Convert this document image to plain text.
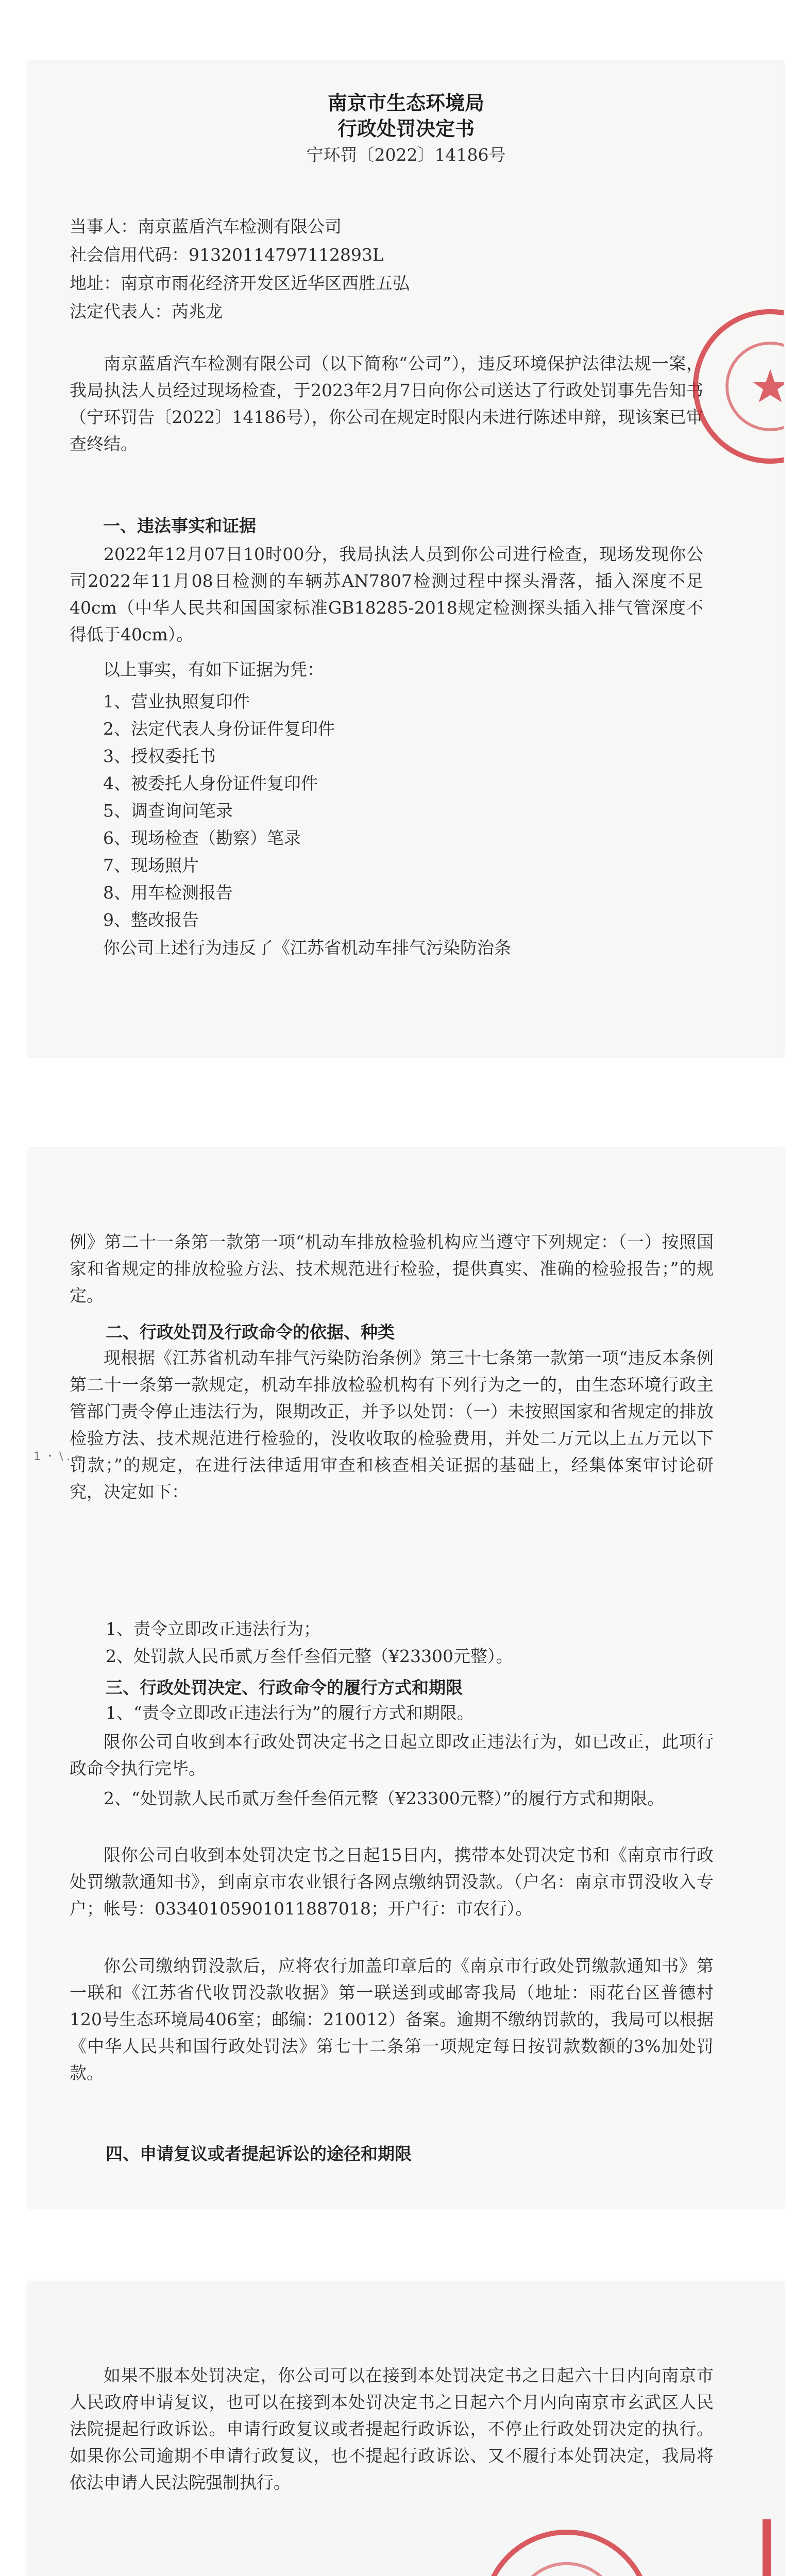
南京市生态环境局
行政处罚决定书
宁环罚〔2022〕14186号
当事人：南京蓝盾汽车检测有限公司
社会信用代码：91320114797112893L
地址：南京市雨花经济开发区近华区西胜五弘
法定代表人：芮兆龙
南京蓝盾汽车检测有限公司（以下简称“公司”），违反环境保护法律法规一案，我局执法人员经过现场检查，于2023年2月7日向你公司送达了行政处罚事先告知书（宁环罚告〔2022〕14186号），你公司在规定时限内未进行陈述申辩，现该案已审查终结。
一、违法事实和证据
2022年12月07日10时00分，我局执法人员到你公司进行检查，现场发现你公司2022年11月08日检测的车辆苏AN7807检测过程中探头滑落，插入深度不足40cm（中华人民共和国国家标准GB18285-2018规定检测探头插入排气管深度不得低于40cm）。
以上事实，有如下证据为凭：
1、营业执照复印件
2、法定代表人身份证件复印件
3、授权委托书
4、被委托人身份证件复印件
5、调查询问笔录
6、现场检查（勘察）笔录
7、现场照片
8、用车检测报告
9、整改报告
你公司上述行为违反了《江苏省机动车排气污染防治条
例》第二十一条第一款第一项“机动车排放检验机构应当遵守下列规定：（一）按照国家和省规定的排放检验方法、技术规范进行检验，提供真实、准确的检验报告；”的规定。
二、行政处罚及行政命令的依据、种类
现根据《江苏省机动车排气污染防治条例》第三十七条第一款第一项“违反本条例第二十一条第一款规定，机动车排放检验机构有下列行为之一的，由生态环境行政主管部门责令停止违法行为，限期改正，并予以处罚：（一）未按照国家和省规定的排放检验方法、技术规范进行检验的，没收收取的检验费用，并处二万元以上五万元以下罚款；”的规定，在进行法律适用审查和核查相关证据的基础上，经集体案审讨论研究，决定如下：
1、责令立即改正违法行为；
2、处罚款人民币贰万叁仟叁佰元整（¥23300元整）。
三、行政处罚决定、行政命令的履行方式和期限
1、“责令立即改正违法行为”的履行方式和期限。
限你公司自收到本行政处罚决定书之日起立即改正违法行为，如已改正，此项行政命令执行完毕。
2、“处罚款人民币贰万叁仟叁佰元整（¥23300元整）”的履行方式和期限。
限你公司自收到本处罚决定书之日起15日内，携带本处罚决定书和《南京市行政处罚缴款通知书》，到南京市农业银行各网点缴纳罚没款。（户名：南京市罚没收入专户；帐号：03340105901011887018；开户行：市农行）。
你公司缴纳罚没款后，应将农行加盖印章后的《南京市行政处罚缴款通知书》第一联和《江苏省代收罚没款收据》第一联送到或邮寄我局（地址：雨花台区普德村120号生态环境局406室；邮编：210012）备案。逾期不缴纳罚款的，我局可以根据《中华人民共和国行政处罚法》第七十二条第一项规定每日按罚款数额的3%加处罚款。
四、申请复议或者提起诉讼的途径和期限
1 ・ \ . ~
如果不服本处罚决定，你公司可以在接到本处罚决定书之日起六十日内向南京市人民政府申请复议，也可以在接到本处罚决定书之日起六个月内向南京市玄武区人民法院提起行政诉讼。申请行政复议或者提起行政诉讼，不停止行政处罚决定的执行。如果你公司逾期不申请行政复议，也不提起行政诉讼、又不履行本处罚决定，我局将依法申请人民法院强制执行。
